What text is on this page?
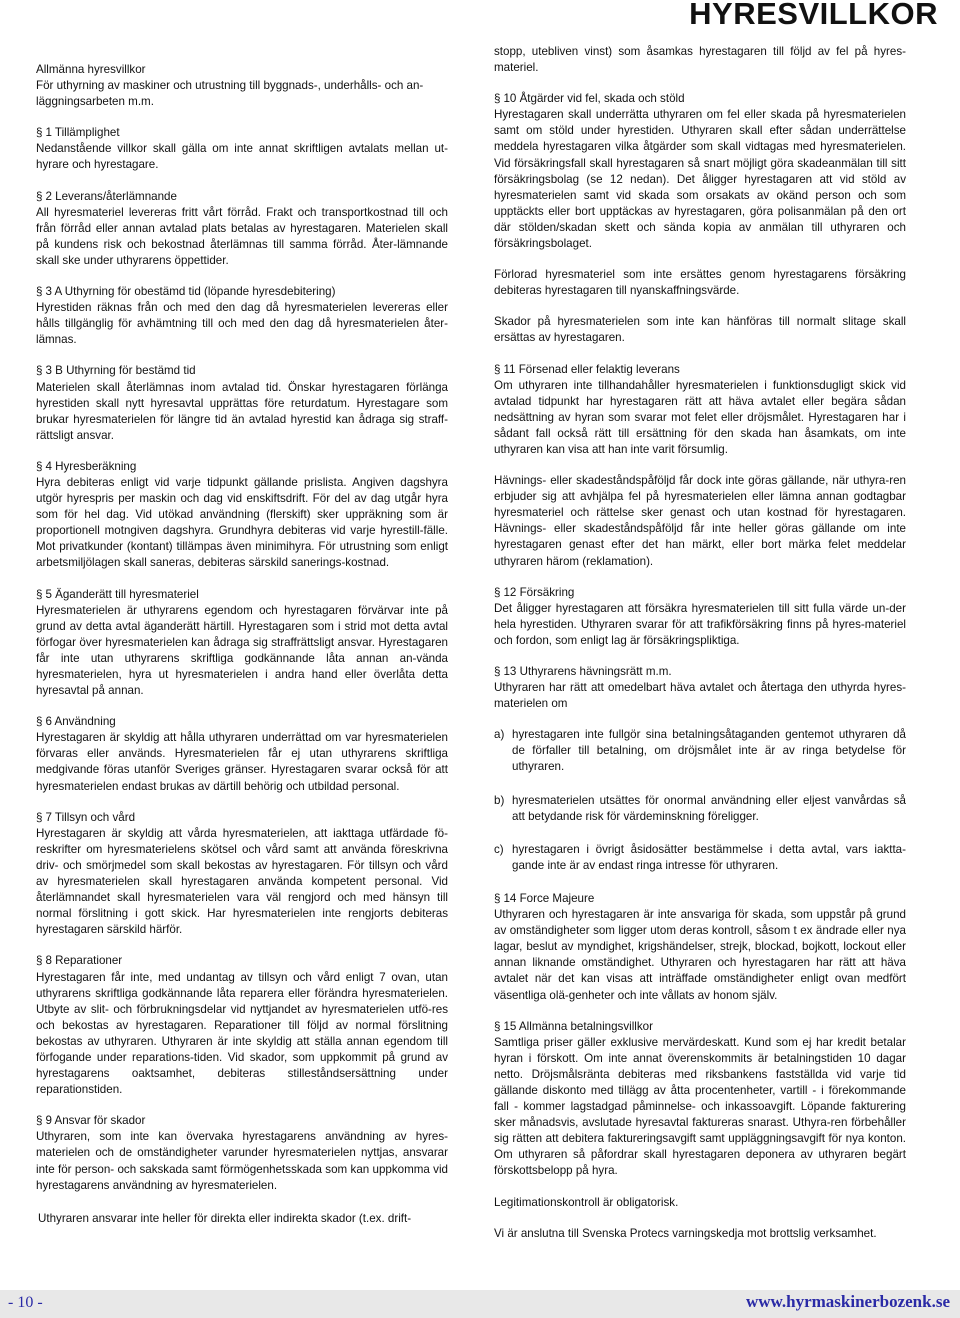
HYRESVILLKOR

Allmänna hyresvillkor

För uthyrning av maskiner och utrustning till byggnads-, underhålls- och an-

läggningsarbeten m.m.

§ 1 Tillämplighet

Nedanstående villkor skall gälla om inte annat skriftligen avtalats mellan ut-hyrare och hyrestagare.

§ 2 Leverans/återlämnande

All hyresmateriel levereras fritt vårt förråd. Frakt och transportkostnad till och från förråd eller annan avtalad plats betalas av hyrestagaren. Materielen skall på kundens risk och bekostnad återlämnas till samma förråd. Åter-lämnande skall ske under uthyrarens öppettider.

§ 3 A Uthyrning för obestämd tid (löpande hyresdebitering)

Hyrestiden räknas från och med den dag då hyresmaterielen levereras eller hålls tillgänglig för avhämtning till och med den dag då hyresmaterielen åter-lämnas.

§ 3 B Uthyrning för bestämd tid

Materielen skall återlämnas inom avtalad tid. Önskar hyrestagaren förlänga hyrestiden skall nytt hyresavtal upprättas före returdatum. Hyrestagare som brukar hyresmaterielen för längre tid än avtalad hyrestid kan ådraga sig straff-rättsligt ansvar.

§ 4 Hyresberäkning

Hyra debiteras enligt vid varje tidpunkt gällande prislista. Angiven dagshyra utgör hyrespris per maskin och dag vid enskiftsdrift. För del av dag utgår hyra som för hel dag. Vid utökad användning (flerskift) sker uppräkning som är proportionell motngiven dagshyra. Grundhyra debiteras vid varje hyrestill-fälle. Mot privatkunder (kontant) tillämpas även minimihyra. För utrustning som enligt arbetsmiljölagen skall saneras, debiteras särskild sanerings-kostnad.

§ 5 Äganderätt till hyresmateriel

Hyresmaterielen är uthyrarens egendom och hyrestagaren förvärvar inte på grund av detta avtal äganderätt härtill. Hyrestagaren som i strid mot detta avtal förfogar över hyresmaterielen kan ådraga sig straffrättsligt ansvar. Hyrestagaren får inte utan uthyrarens skriftliga godkännande låta annan an-vända hyresmaterielen, hyra ut hyresmaterielen i andra hand eller överlåta detta hyresavtal på annan.

§ 6 Användning

Hyrestagaren är skyldig att hålla uthyraren underrättad om var hyresmaterielen förvaras eller används. Hyresmaterielen får ej utan uthyrarens skriftliga medgivande föras utanför Sveriges gränser. Hyrestagaren svarar också för att hyresmaterielen endast brukas av därtill behörig och utbildad personal.

§ 7 Tillsyn och vård

Hyrestagaren är skyldig att vårda hyresmaterielen, att iakttaga utfärdade fö-reskrifter om hyresmaterielens skötsel och vård samt att använda föreskrivna driv- och smörjmedel som skall bekostas av hyrestagaren. För tillsyn och vård av hyresmaterielen skall hyrestagaren använda kompetent personal. Vid återlämnandet skall hyresmaterielen vara väl rengjord och med hänsyn till normal förslitning i gott skick. Har hyresmaterielen inte rengjorts debiteras hyrestagaren särskild härför.

§ 8 Reparationer

Hyrestagaren får inte, med undantag av tillsyn och vård enligt 7 ovan, utan uthyrarens skriftliga godkännande låta reparera eller förändra hyresmaterielen. Utbyte av slit- och förbrukningsdelar vid nyttjandet av hyresmaterielen utfö-res och bekostas av hyrestagaren. Reparationer till följd av normal förslitning bekostas av uthyraren. Uthyraren är inte skyldig att ställa annan egendom till förfogande under reparations-tiden. Vid skador, som uppkommit på grund av hyrestagarens oaktsamhet, debiteras stilleståndsersättning under reparationstiden.

§ 9 Ansvar för skador

Uthyraren, som inte kan övervaka hyrestagarens användning av hyres-materielen och de omständigheter varunder hyresmaterielen nyttjas, ansvarar inte för person- och sakskada samt förmögenhetsskada som kan uppkomma vid hyrestagarens användning av hyresmaterielen.

Uthyraren ansvarar inte heller för direkta eller indirekta skador (t.ex. drift-

stopp, utebliven vinst) som åsamkas hyrestagaren till följd av fel på hyres-materiel.

§ 10 Åtgärder vid fel, skada och stöld

Hyrestagaren skall underrätta uthyraren om fel eller skada på hyresmaterielen samt om stöld under hyrestiden. Uthyraren skall efter sådan underrättelse meddela hyrestagaren vilka åtgärder som skall vidtagas med hyresmaterielen. Vid försäkringsfall skall hyrestagaren så snart möjligt göra skadeanmälan till sitt försäkringsbolag (se 12 nedan). Det åligger hyrestagaren att vid stöld av hyresmaterielen samt vid skada som orsakats av okänd person och som upptäckts eller bort upptäckas av hyrestagaren, göra polisanmälan på den ort där stölden/skadan skett och sända kopia av anmälan till uthyraren och försäkringsbolaget.

Förlorad hyresmateriel som inte ersättes genom hyrestagarens försäkring debiteras hyrestagaren till nyanskaffningsvärde.

Skador på hyresmaterielen som inte kan hänföras till normalt slitage skall ersättas av hyrestagaren.

§ 11 Försenad eller felaktig leverans

Om uthyraren inte tillhandahåller hyresmaterielen i funktionsdugligt skick vid avtalad tidpunkt har hyrestagaren rätt att häva avtalet eller begära sådan nedsättning av hyran som svarar mot felet eller dröjsmålet. Hyrestagaren har i sådant fall också rätt till ersättning för den skada han åsamkats, om inte uthyraren kan visa att han inte varit försumlig.

Hävnings- eller skadeståndspåföljd får dock inte göras gällande, när uthyra-ren erbjuder sig att avhjälpa fel på hyresmaterielen eller lämna annan godtagbar hyresmateriel och rättelse sker genast och utan kostnad för hyrestagaren. Hävnings- eller skadeståndspåföljd får inte heller göras gällande om inte hyrestagaren genast efter det han märkt, eller bort märka felet meddelar uthyraren härom (reklamation).

§ 12 Försäkring

Det åligger hyrestagaren att försäkra hyresmaterielen till sitt fulla värde un-der hela hyrestiden. Uthyraren svarar för att trafikförsäkring finns på hyres-materiel och fordon, som enligt lag är försäkringspliktiga.

§ 13 Uthyrarens hävningsrätt m.m.

Uthyraren har rätt att omedelbart häva avtalet och återtaga den uthyrda hyres-materielen om

a) hyrestagaren inte fullgör sina betalningsåtaganden gentemot uthyraren då de förfaller till betalning, om dröjsmålet inte är av ringa betydelse för uthyraren.
b) hyresmaterielen utsättes för onormal användning eller eljest vanvårdas så att betydande risk för värdeminskning föreligger.
c) hyrestagaren i övrigt åsidosätter bestämmelse i detta avtal, vars iaktta-gande inte är av endast ringa intresse för uthyraren.

§ 14 Force Majeure

Uthyraren och hyrestagaren är inte ansvariga för skada, som uppstår på grund av omständigheter som ligger utom deras kontroll, såsom t ex ändrade eller nya lagar, beslut av myndighet, krigshändelser, strejk, blockad, bojkott, lockout eller annan liknande omständighet. Uthyraren och hyrestagaren har rätt att häva avtalet när det kan visas att inträffade omständigheter enligt ovan medfört väsentliga olä-genheter och inte vållats av honom själv.

§ 15 Allmänna betalningsvillkor

Samtliga priser gäller exklusive mervärdeskatt. Kund som ej har kredit betalar hyran i förskott. Om inte annat överenskommits är betalningstiden 10 dagar netto. Dröjsmålsränta debiteras med riksbankens fastställda vid varje tid gällande diskonto med tillägg av åtta procentenheter, vartill - i förekommande fall - kommer lagstadgad påminnelse- och inkassoavgift. Löpande fakturering sker månadsvis, avslutade hyresavtal faktureras snarast. Uthyra-ren förbehåller sig rätten att debitera faktureringsavgift samt uppläggningsavgift för nya konton. Om uthyraren så påfordrar skall hyrestagaren deponera av uthyraren begärt förskottsbelopp på hyra.

Legitimationskontroll är obligatorisk.

Vi är anslutna till Svenska Protecs varningskedja mot brottslig verksamhet.

- 10 -	www.hyrmaskinerbozenk.se
